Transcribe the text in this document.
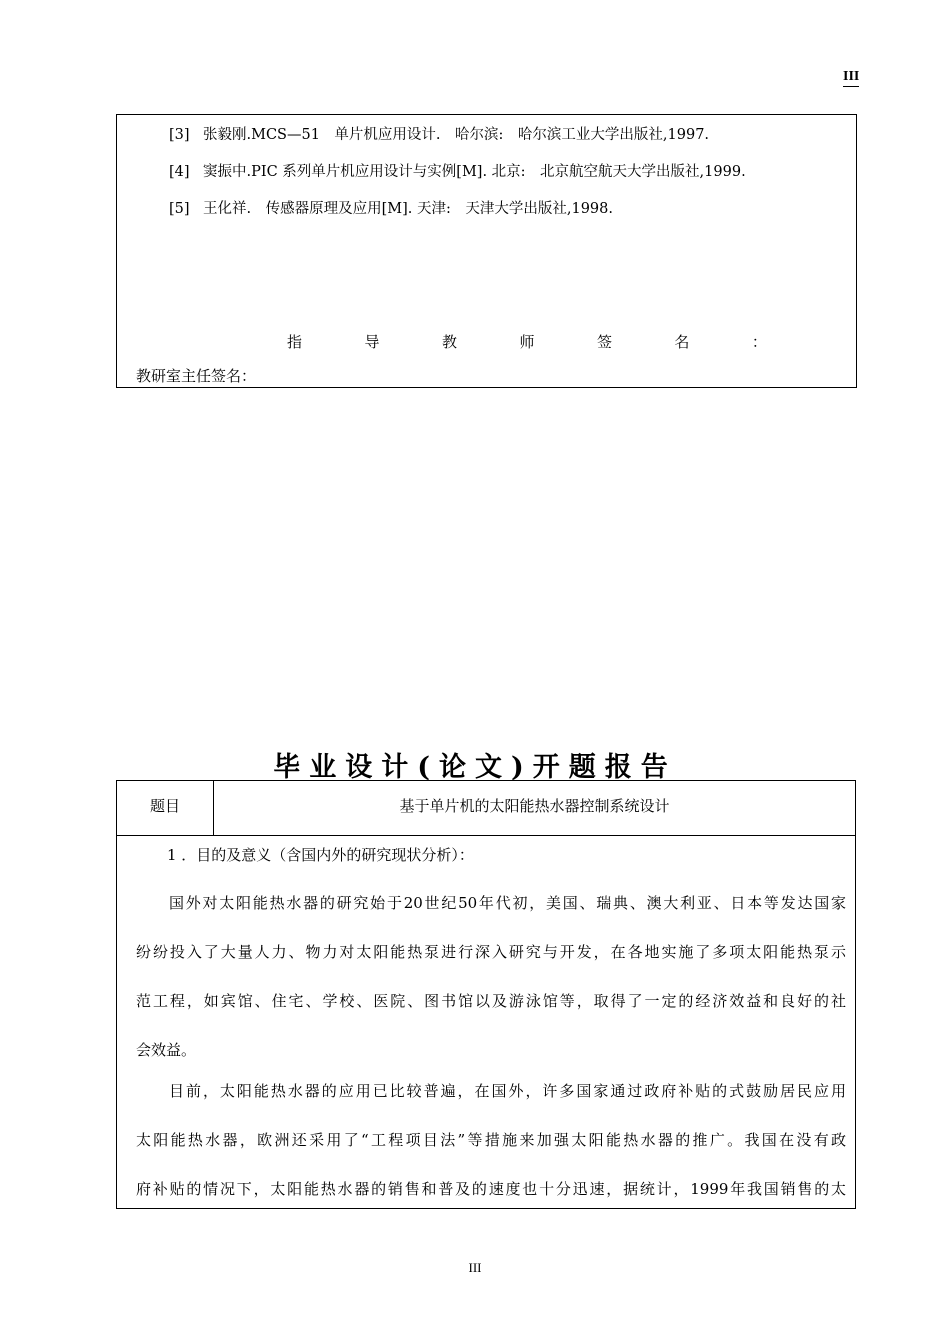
III
[3] 张毅刚.MCS—51　单片机应用设计.　哈尔滨:　哈尔滨工业大学出版社,1997.
[4] 窦振中.PIC 系列单片机应用设计与实例[M]. 北京:　北京航空航天大学出版社,1999.
[5] 王化祥.　传感器原理及应用[M]. 天津:　天津大学出版社,1998.
指	导	教	师	签	名	：
教研室主任签名：
毕业设计(论文)开题报告
题目	基于单片机的太阳能热水器控制系统设计
1 ．目的及意义（含国内外的研究现状分析）：
国外对太阳能热水器的研究始于20世纪50年代初，美国、瑞典、澳大利亚、日本等发达国家
纷纷投入了大量人力、物力对太阳能热泵进行深入研究与开发，在各地实施了多项太阳能热泵示
范工程，如宾馆、住宅、学校、医院、图书馆以及游泳馆等，取得了一定的经济效益和良好的社
会效益。
目前，太阳能热水器的应用已比较普遍，在国外，许多国家通过政府补贴的式鼓励居民应用
太阳能热水器，欧洲还采用了“工程项目法”等措施来加强太阳能热水器的推广。我国在没有政
府补贴的情况下，太阳能热水器的销售和普及的速度也十分迅速，据统计，1999年我国销售的太
III
